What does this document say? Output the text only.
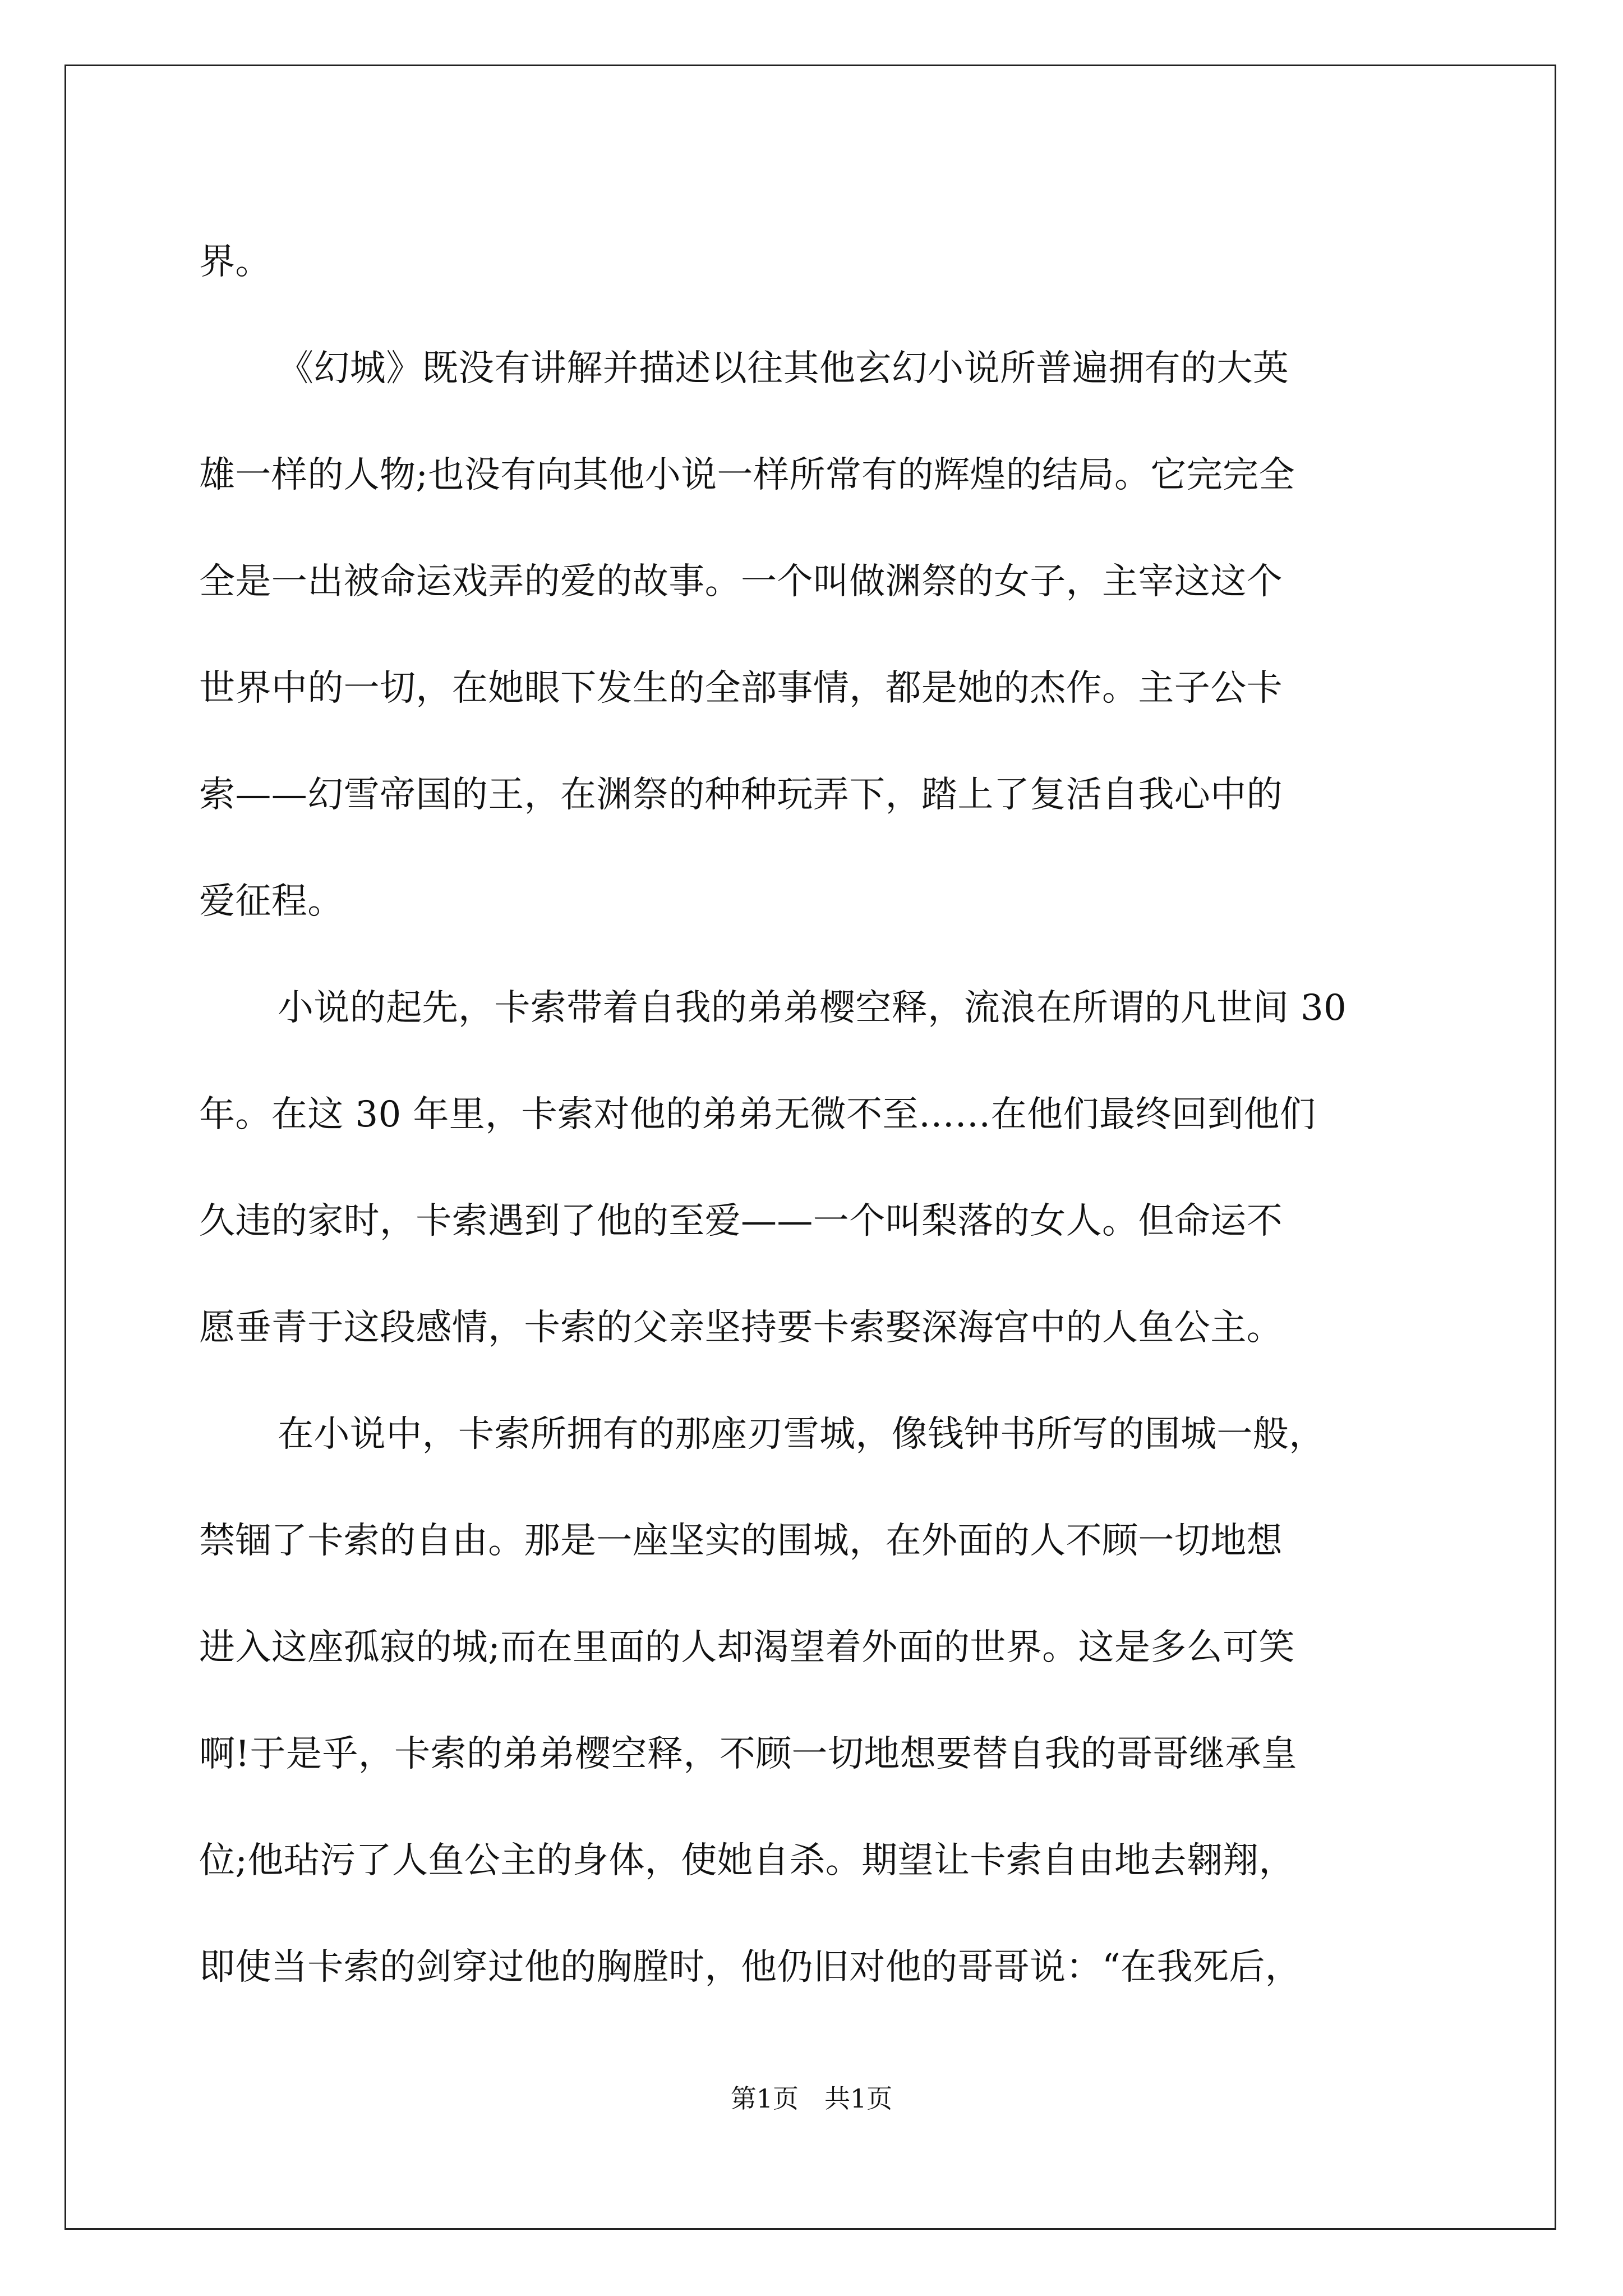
界。
《幻城》既没有讲解并描述以往其他玄幻小说所普遍拥有的大英
雄一样的人物;也没有向其他小说一样所常有的辉煌的结局。它完完全
全是一出被命运戏弄的爱的故事。一个叫做渊祭的女子，主宰这这个
世界中的一切，在她眼下发生的全部事情，都是她的杰作。主子公卡
索——幻雪帝国的王，在渊祭的种种玩弄下，踏上了复活自我心中的
爱征程。
小说的起先，卡索带着自我的弟弟樱空释，流浪在所谓的凡世间 30
年。在这 30 年里，卡索对他的弟弟无微不至……在他们最终回到他们
久违的家时，卡索遇到了他的至爱——一个叫梨落的女人。但命运不
愿垂青于这段感情，卡索的父亲坚持要卡索娶深海宫中的人鱼公主。
在小说中，卡索所拥有的那座刃雪城，像钱钟书所写的围城一般，
禁锢了卡索的自由。那是一座坚实的围城，在外面的人不顾一切地想
进入这座孤寂的城;而在里面的人却渴望着外面的世界。这是多么可笑
啊!于是乎，卡索的弟弟樱空释，不顾一切地想要替自我的哥哥继承皇
位;他玷污了人鱼公主的身体，使她自杀。期望让卡索自由地去翱翔，
即使当卡索的剑穿过他的胸膛时，他仍旧对他的哥哥说：“在我死后，
第1页　共1页
